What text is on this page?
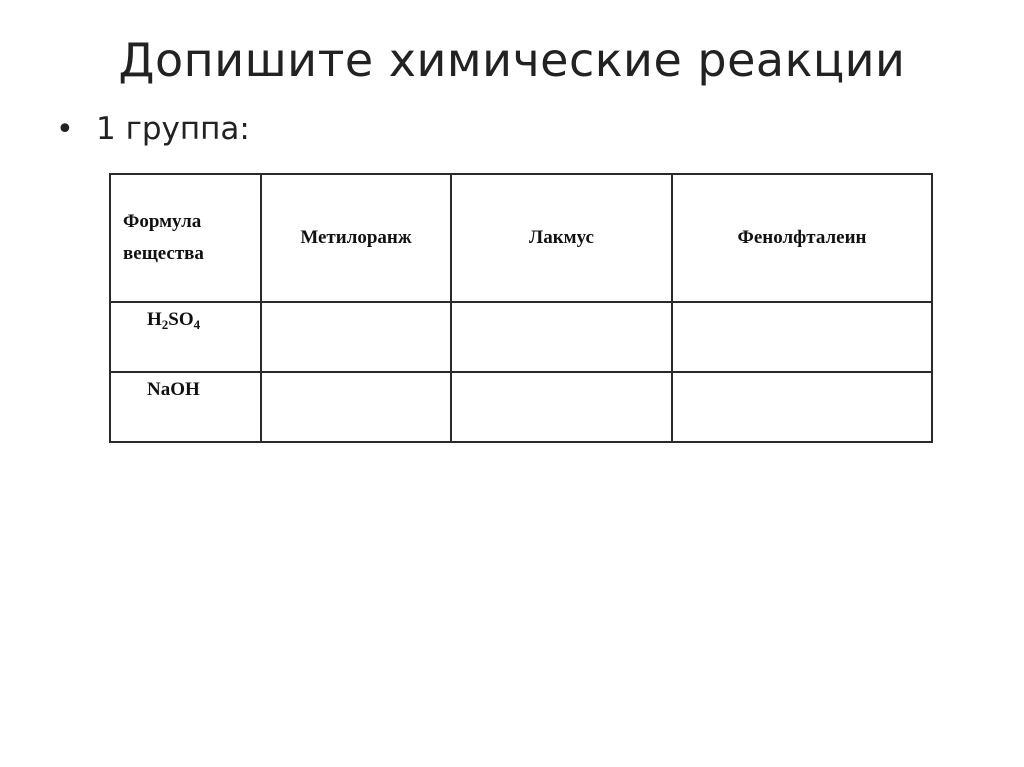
Допишите химические реакции
• 1 группа:
Формула
вещества	Метилоранж	Лакмус	Фенолфталеин
$H_2SO_4$			
NaOH			
